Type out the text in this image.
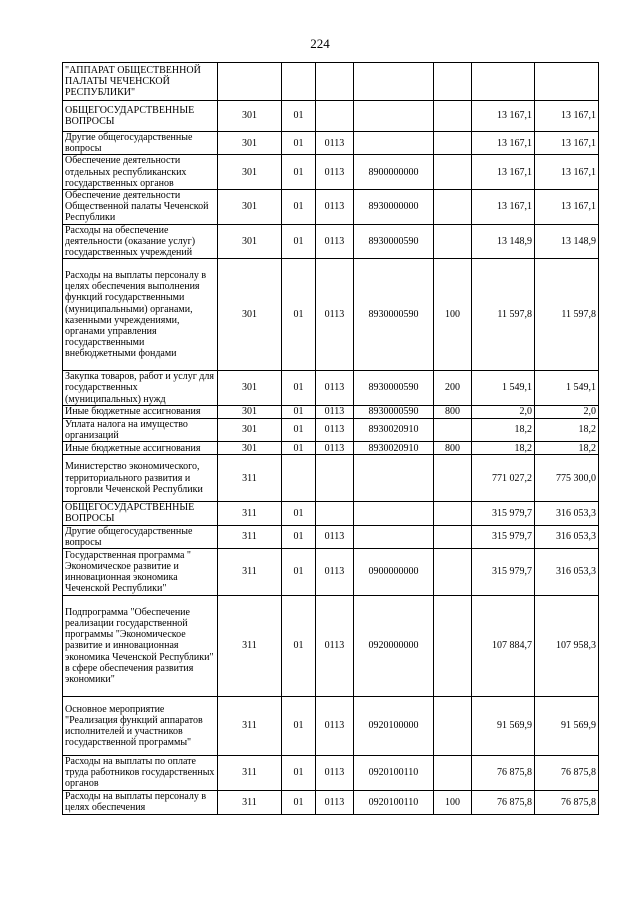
224
"АППАРАТ ОБЩЕСТВЕННОЙ ПАЛАТЫ ЧЕЧЕНСКОЙ РЕСПУБЛИКИ"							
ОБЩЕГОСУДАРСТВЕННЫЕ ВОПРОСЫ	301	01				13 167,1	13 167,1
Другие общегосударственные вопросы	301	01	0113			13 167,1	13 167,1
Обеспечение деятельности отдельных республиканских государственных органов	301	01	0113	8900000000		13 167,1	13 167,1
Обеспечение деятельности Общественной палаты Чеченской Республики	301	01	0113	8930000000		13 167,1	13 167,1
Расходы на обеспечение деятельности (оказание услуг) государственных учреждений	301	01	0113	8930000590		13 148,9	13 148,9
Расходы на выплаты персоналу в целях обеспечения выполнения функций государственными (муниципальными) органами, казенными учреждениями, органами управления государственными внебюджетными фондами	301	01	0113	8930000590	100	11 597,8	11 597,8
Закупка товаров, работ и услуг для государственных (муниципальных) нужд	301	01	0113	8930000590	200	1 549,1	1 549,1
Иные бюджетные ассигнования	301	01	0113	8930000590	800	2,0	2,0
Уплата налога на имущество организаций	301	01	0113	8930020910		18,2	18,2
Иные бюджетные ассигнования	301	01	0113	8930020910	800	18,2	18,2
Министерство экономического, территориального развития и торговли Чеченской Республики	311					771 027,2	775 300,0
ОБЩЕГОСУДАРСТВЕННЫЕ ВОПРОСЫ	311	01				315 979,7	316 053,3
Другие общегосударственные вопросы	311	01	0113			315 979,7	316 053,3
Государственная программа " Экономическое развитие и инновационная экономика Чеченской Республики"	311	01	0113	0900000000		315 979,7	316 053,3
Подпрограмма "Обеспечение реализации государственной программы "Экономическое развитие и инновационная экономика Чеченской Республики" в сфере обеспечения развития экономики"	311	01	0113	0920000000		107 884,7	107 958,3
Основное мероприятие "Реализация функций аппаратов исполнителей и участников государственной программы"	311	01	0113	0920100000		91 569,9	91 569,9
Расходы на выплаты по оплате труда работников государственных органов	311	01	0113	0920100110		76 875,8	76 875,8
Расходы на выплаты персоналу в целях обеспечения	311	01	0113	0920100110	100	76 875,8	76 875,8
